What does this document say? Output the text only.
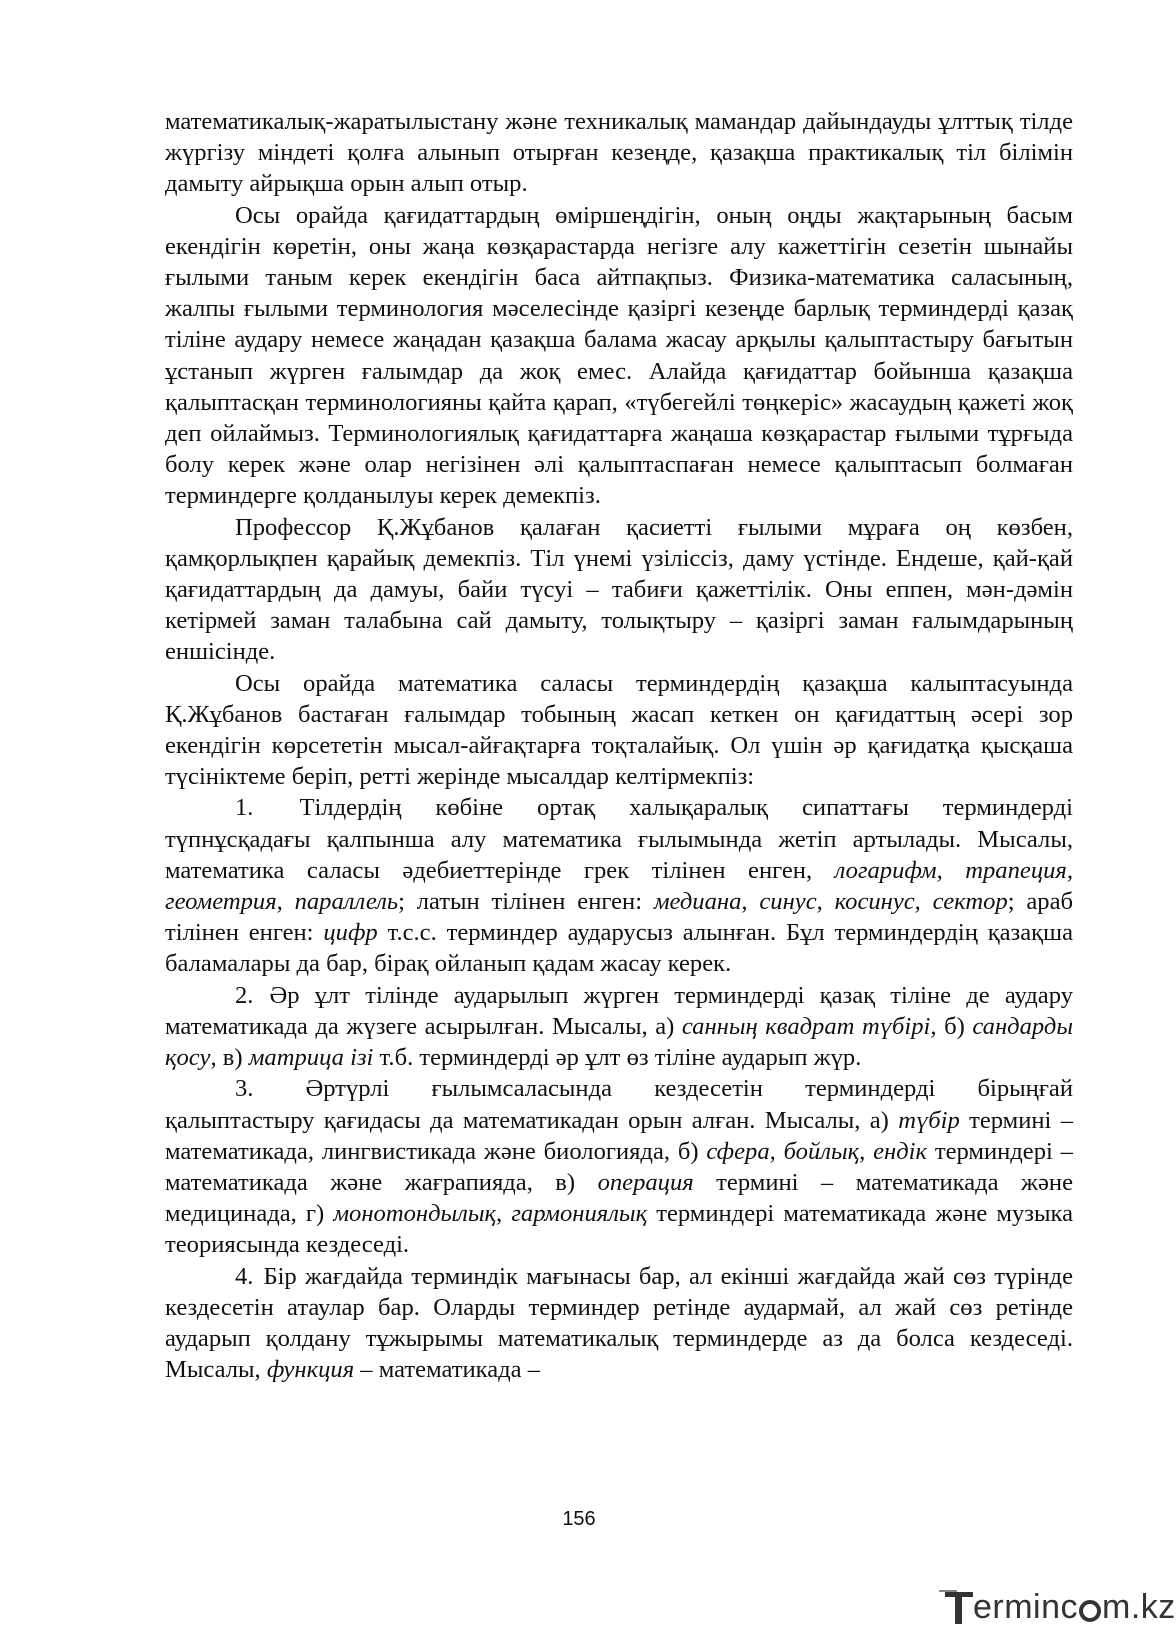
математикалық-жаратылыстану және техникалық мамандар дайындауды ұлттық тілде жүргізу міндеті қолға алынып отырған кезеңде, қазақша практикалық тіл білімін дамыту айрықша орын алып отыр.

Осы орайда қағидаттардың өміршеңдігін, оның оңды жақтарының басым екендігін көретін, оны жаңа көзқарастарда негізге алу кажеттігін сезетін шынайы ғылыми таным керек екендігін баса айтпақпыз. Физика-математика саласының, жалпы ғылыми терминология мәселесінде қазіргі кезеңде барлық терминдерді қазақ тіліне аудару немесе жаңадан қазақша балама жасау арқылы қалыптастыру бағытын ұстанып жүрген ғалымдар да жоқ емес. Алайда қағидаттар бойынша қазақша қалыптасқан терминологияны қайта қарап, «түбегейлі төңкеріс» жасаудың қажеті жоқ деп ойлаймыз. Терминологиялық қағидаттарға жаңаша көзқарастар ғылыми тұрғыда болу керек және олар негізінен әлі қалыптаспаған немесе қалыптасып болмаған терминдерге қолданылуы керек демекпіз.

Профессор Қ.Жұбанов қалаған қасиетті ғылыми мұраға оң көзбен, қамқорлықпен қарайық демекпіз. Тіл үнемі үзіліссіз, даму үстінде. Ендеше, қай-қай қағидаттардың да дамуы, байи түсуі – табиғи қажеттілік. Оны еппен, мән-дәмін кетірмей заман талабына сай дамыту, толықтыру – қазіргі заман ғалымдарының еншісінде.

Осы орайда математика саласы терминдердің қазақша калыптасуында Қ.Жұбанов бастаған ғалымдар тобының жасап кеткен он қағидаттың әсері зор екендігін көрсететін мысал-айғақтарға тоқталайық. Ол үшін әр қағидатқа қысқаша түсініктеме беріп, ретті жерінде мысалдар келтірмекпіз:

1. Тілдердің көбіне ортақ халықаралық сипаттағы терминдерді түпнұсқадағы қалпынша алу математика ғылымында жетіп артылады. Мысалы, математика саласы әдебиеттерінде грек тілінен енген, логарифм, трапеция, геометрия, параллель; латын тілінен енген: медиана, синус, косинус, сектор; араб тілінен енген: цифр т.с.с. терминдер аударусыз алынған. Бұл терминдердің қазақша баламалары да бар, бірақ ойланып қадам жасау керек.

2. Әр ұлт тілінде аударылып жүрген терминдерді қазақ тіліне де аудару математикада да жүзеге асырылған. Мысалы, а) санның квадрат түбірі, б) сандарды қосу, в) матрица ізі т.б. терминдерді әр ұлт өз тіліне аударып жүр.

3. Әртүрлі ғылымсаласында кездесетін терминдерді бірыңғай қалыптастыру қағидасы да математикадан орын алған. Мысалы, а) түбір термині – математикада, лингвистикада және биологияда, б) сфера, бойлық, ендік терминдері – математикада және жағрапияда, в) операция термині – математикада және медицинада, г) монотондылық, гармониялық терминдері математикада және музыка теориясында кездеседі.

4. Бір жағдайда терминдік мағынасы бар, ал екінші жағдайда жай сөз түрінде кездесетін атаулар бар. Оларды терминдер ретінде аудармай, ал жай сөз ретінде аударып қолдану тұжырымы математикалық терминдерде аз да болса кездеседі. Мысалы, функция – математикада –

156
ermin c m.kz
